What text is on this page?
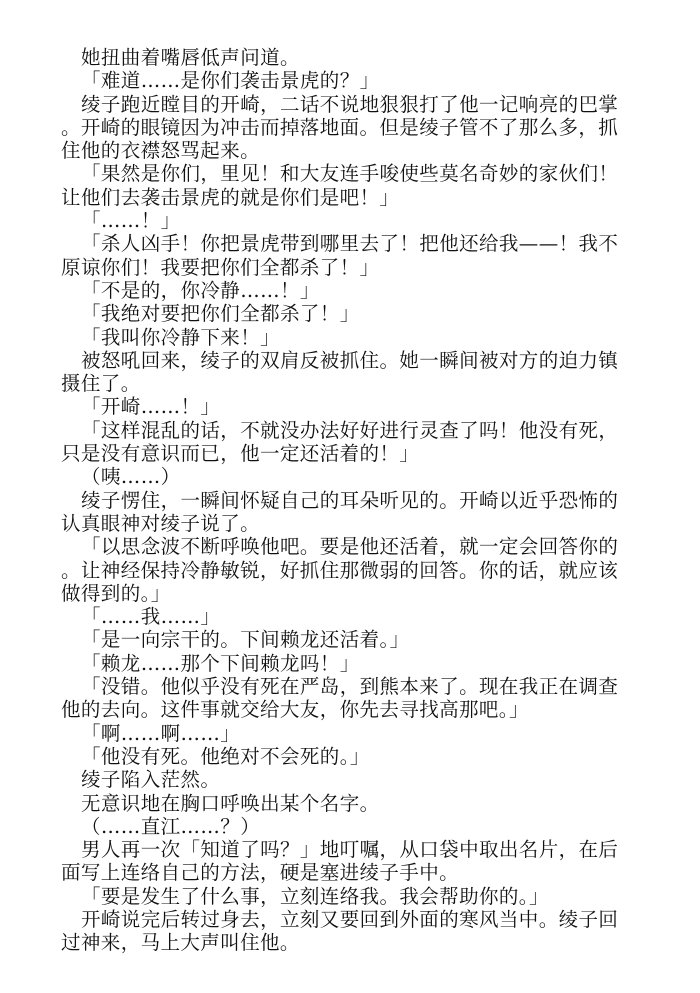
她扭曲着嘴唇低声问道。

「难道……是你们袭击景虎的？」

绫子跑近瞠目的开崎，二话不说地狠狠打了他一记响亮的巴掌。开崎的眼镜因为冲击而掉落地面。但是绫子管不了那么多，抓住他的衣襟怒骂起来。

「果然是你们，里见！和大友连手唆使些莫名奇妙的家伙们！让他们去袭击景虎的就是你们是吧！」

「……！」

「杀人凶手！你把景虎带到哪里去了！把他还给我——！我不原谅你们！我要把你们全都杀了！」

「不是的，你冷静……！」

「我绝对要把你们全都杀了！」

「我叫你冷静下来！」

被怒吼回来，绫子的双肩反被抓住。她一瞬间被对方的迫力镇摄住了。

「开崎……！」

「这样混乱的话，不就没办法好好进行灵查了吗！他没有死，只是没有意识而已，他一定还活着的！」

（咦……）

绫子愣住，一瞬间怀疑自己的耳朵听见的。开崎以近乎恐怖的认真眼神对绫子说了。

「以思念波不断呼唤他吧。要是他还活着，就一定会回答你的。让神经保持冷静敏锐，好抓住那微弱的回答。你的话，就应该做得到的。」

「……我……」

「是一向宗干的。下间赖龙还活着。」

「赖龙……那个下间赖龙吗！」

「没错。他似乎没有死在严岛，到熊本来了。现在我正在调查他的去向。这件事就交给大友，你先去寻找高那吧。」

「啊……啊……」

「他没有死。他绝对不会死的。」

绫子陷入茫然。

无意识地在胸口呼唤出某个名字。

（……直江……？）

男人再一次「知道了吗？」地叮嘱，从口袋中取出名片，在后面写上连络自己的方法，硬是塞进绫子手中。

「要是发生了什么事，立刻连络我。我会帮助你的。」

开崎说完后转过身去，立刻又要回到外面的寒风当中。绫子回过神来，马上大声叫住他。
